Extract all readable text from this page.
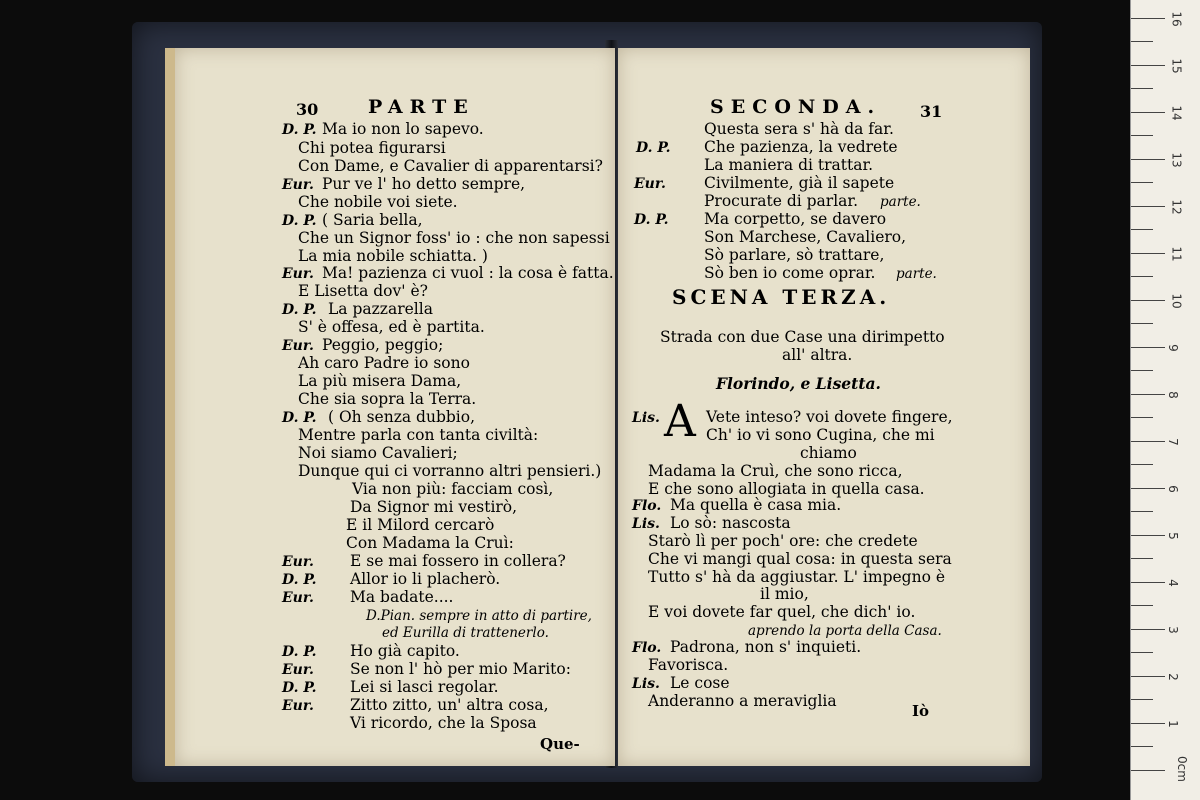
30	PARTE
D. P. Ma io non lo sapevo.
Chi potea figurarsi
Con Dame, e Cavalier di apparentarsi?
Eur. Pur ve l' ho detto sempre,
Che nobile voi siete.
D. P. ( Saria bella,
Che un Signor foss' io : che non sapessi
La mia nobile schiatta. )
Eur. Ma! pazienza ci vuol : la cosa è fatta.
E Lisetta dov' è?
D. P. La pazzarella
S' è offesa, ed è partita.
Eur. Peggio, peggio;
Ah caro Padre io sono
La più misera Dama,
Che sia sopra la Terra.
D. P. ( Oh senza dubbio,
Mentre parla con tanta civiltà:
Noi siamo Cavalieri;
Dunque qui ci vorranno altri pensieri.)
Via non più: facciam così,
Da Signor mi vestirò,
E il Milord cercarò
Con Madama la Cruì:
Eur. E se mai fossero in collera?
D. P. Allor io li placherò.
Eur. Ma badate....
D.Pian. sempre in atto di partire,
ed Eurilla di trattenerlo.
D. P. Ho già capito.
Eur. Se non l' hò per mio Marito:
D. P. Lei si lasci regolar.
Eur. Zitto zitto, un' altra cosa,
Vi ricordo, che la Sposa
Que-
SECONDA. 31
Questa sera s' hà da far.
D. P. Che pazienza, la vedrete
La maniera di trattar.
Eur. Civilmente, già il sapete
Procurate di parlar. parte.
D. P. Ma corpetto, se davero
Son Marchese, Cavaliero,
Sò parlare, sò trattare,
Sò ben io come oprar. parte.
SCENA TERZA.
Strada con due Case una dirimpetto
all' altra.
Florindo, e Lisetta.
A
Lis.	Vete inteso? voi dovete fingere,
Ch' io vi sono Cugina, che mi
chiamo
Madama la Cruì, che sono ricca,
E che sono allogiata in quella casa.
Flo. Ma quella è casa mia.
Lis. Lo sò: nascosta
Starò lì per poch' ore: che credete
Che vi mangi qual cosa: in questa sera
Tutto s' hà da aggiustar. L' impegno è
il mio,
E voi dovete far quel, che dich' io.
aprendo la porta della Casa.
Flo. Padrona, non s' inquieti.
Favorisca.
Lis. Le cose
Anderanno a meraviglia
Iò
16
15
14
13
12
11
10
9
8
7
6
5
4
3
2
1
0cm
